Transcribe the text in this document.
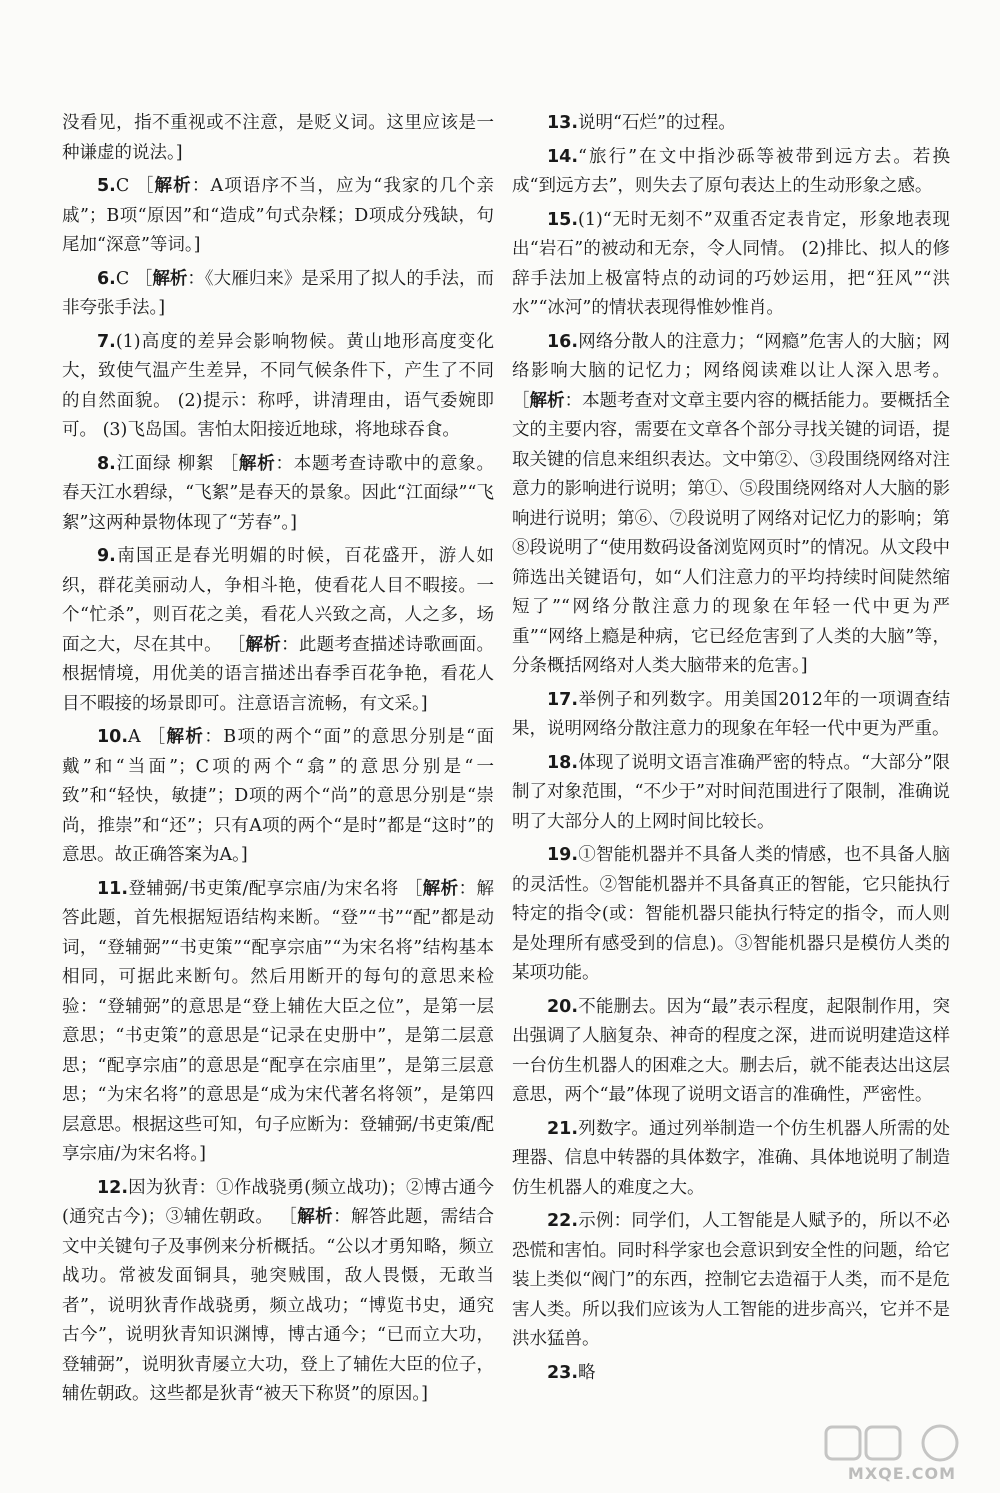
没看见，指不重视或不注意，是贬义词。这里应该是一种谦虚的说法。]

5.C ［解析：A项语序不当，应为“我家的几个亲戚”；B项“原因”和“造成”句式杂糅；D项成分残缺，句尾加“深意”等词。]

6.C ［解析：《大雁归来》是采用了拟人的手法，而非夸张手法。]

7.(1)高度的差异会影响物候。黄山地形高度变化大，致使气温产生差异，不同气候条件下，产生了不同的自然面貌。 (2)提示：称呼，讲清理由，语气委婉即可。 (3)飞岛国。害怕太阳接近地球，将地球吞食。

8.江面绿 柳絮 ［解析：本题考查诗歌中的意象。春天江水碧绿，“飞絮”是春天的景象。因此“江面绿”“飞絮”这两种景物体现了“芳春”。]

9.南国正是春光明媚的时候，百花盛开，游人如织，群花美丽动人，争相斗艳，使看花人目不暇接。一个“忙杀”，则百花之美，看花人兴致之高，人之多，场面之大，尽在其中。 ［解析：此题考查描述诗歌画面。根据情境，用优美的语言描述出春季百花争艳，看花人目不暇接的场景即可。注意语言流畅，有文采。]

10.A ［解析：B项的两个“面”的意思分别是“面戴”和“当面”；C项的两个“翕”的意思分别是“一致”和“轻快，敏捷”；D项的两个“尚”的意思分别是“崇尚，推崇”和“还”；只有A项的两个“是时”都是“这时”的意思。故正确答案为A。]

11.登辅弼/书吏策/配享宗庙/为宋名将 ［解析：解答此题，首先根据短语结构来断。“登”“书”“配”都是动词，“登辅弼”“书吏策”“配享宗庙”“为宋名将”结构基本相同，可据此来断句。然后用断开的每句的意思来检验：“登辅弼”的意思是“登上辅佐大臣之位”，是第一层意思；“书吏策”的意思是“记录在史册中”，是第二层意思；“配享宗庙”的意思是“配享在宗庙里”，是第三层意思；“为宋名将”的意思是“成为宋代著名将领”，是第四层意思。根据这些可知，句子应断为：登辅弼/书吏策/配享宗庙/为宋名将。]

12.因为狄青：①作战骁勇(频立战功)；②博古通今(通究古今)；③辅佐朝政。 ［解析：解答此题，需结合文中关键句子及事例来分析概括。“公以才勇知略，频立战功。常被发面铜具，驰突贼围，敌人畏慑，无敢当者”，说明狄青作战骁勇，频立战功；“博览书史，通究古今”，说明狄青知识渊博，博古通今；“已而立大功，登辅弼”，说明狄青屡立大功，登上了辅佐大臣的位子，辅佐朝政。这些都是狄青“被天下称贤”的原因。]

13.说明“石烂”的过程。

14.“旅行”在文中指沙砾等被带到远方去。若换成“到远方去”，则失去了原句表达上的生动形象之感。

15.(1)“无时无刻不”双重否定表肯定，形象地表现出“岩石”的被动和无奈，令人同情。 (2)排比、拟人的修辞手法加上极富特点的动词的巧妙运用，把“狂风”“洪水”“冰河”的情状表现得惟妙惟肖。

16.网络分散人的注意力；“网瘾”危害人的大脑；网络影响大脑的记忆力；网络阅读难以让人深入思考。 ［解析：本题考查对文章主要内容的概括能力。要概括全文的主要内容，需要在文章各个部分寻找关键的词语，提取关键的信息来组织表达。文中第②、③段围绕网络对注意力的影响进行说明；第①、⑤段围绕网络对人大脑的影响进行说明；第⑥、⑦段说明了网络对记忆力的影响；第⑧段说明了“使用数码设备浏览网页时”的情况。从文段中筛选出关键语句，如“人们注意力的平均持续时间陡然缩短了”“网络分散注意力的现象在年轻一代中更为严重”“网络上瘾是种病，它已经危害到了人类的大脑”等，分条概括网络对人类大脑带来的危害。]

17.举例子和列数字。用美国2012年的一项调查结果，说明网络分散注意力的现象在年轻一代中更为严重。

18.体现了说明文语言准确严密的特点。“大部分”限制了对象范围，“不少于”对时间范围进行了限制，准确说明了大部分人的上网时间比较长。

19.①智能机器并不具备人类的情感，也不具备人脑的灵活性。②智能机器并不具备真正的智能，它只能执行特定的指令(或：智能机器只能执行特定的指令，而人则是处理所有感受到的信息)。③智能机器只是模仿人类的某项功能。

20.不能删去。因为“最”表示程度，起限制作用，突出强调了人脑复杂、神奇的程度之深，进而说明建造这样一台仿生机器人的困难之大。删去后，就不能表达出这层意思，两个“最”体现了说明文语言的准确性，严密性。

21.列数字。通过列举制造一个仿生机器人所需的处理器、信息中转器的具体数字，准确、具体地说明了制造仿生机器人的难度之大。

22.示例：同学们，人工智能是人赋予的，所以不必恐慌和害怕。同时科学家也会意识到安全性的问题，给它装上类似“阀门”的东西，控制它去造福于人类，而不是危害人类。所以我们应该为人工智能的进步高兴，它并不是洪水猛兽。

23.略

MXQE.COM
